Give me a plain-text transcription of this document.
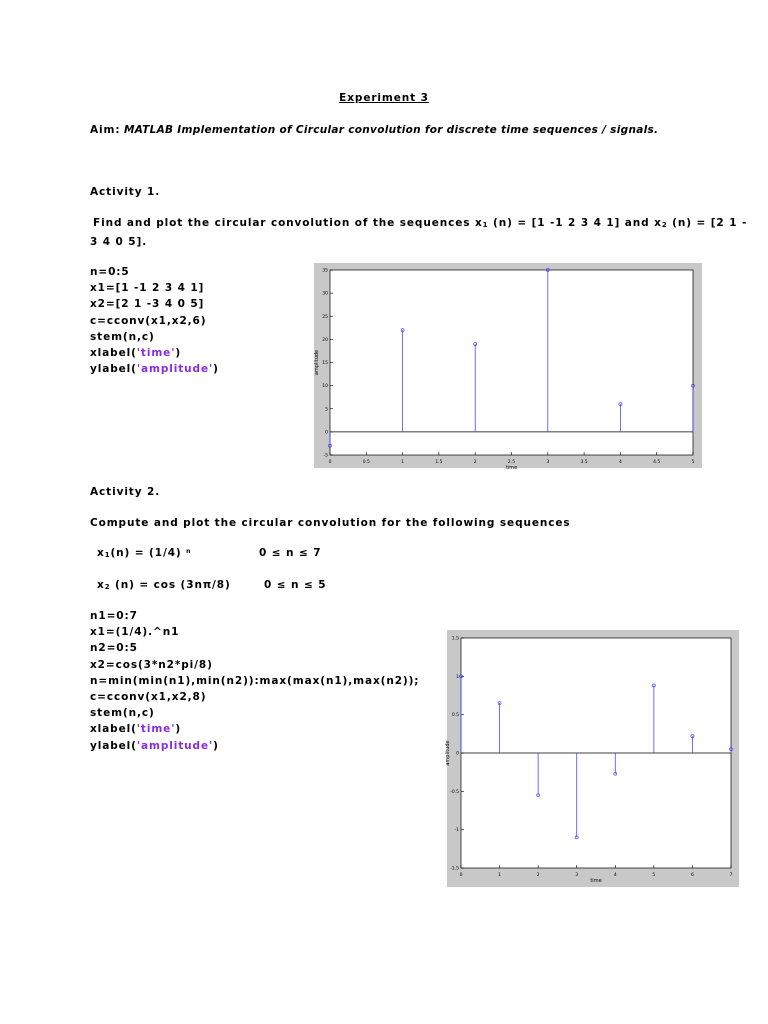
Experiment 3
Aim: MATLAB Implementation of Circular convolution for discrete time sequences / signals.
Activity 1.
Find and plot the circular convolution of the sequences x1 (n) = [1 -1 2 3 4 1] and x2 (n) = [2 1 -
3 4 0 5].
n=0:5
x1=[1 -1 2 3 4 1]
x2=[2 1 -3 4 0 5]
c=cconv(x1,x2,6)
stem(n,c)
xlabel('time')
ylabel('amplitude')
0	0.5	1	1.5	2	2.5	3	3.5	4	4.5	5
-5
0
5
10
15
20
25
30
35
time
amplitude
Activity 2.
Compute and plot the circular convolution for the following sequences
x1(n) = (1/4) $^n$	0 ≤ n ≤ 7
x2 (n) = cos (3nπ/8)	0 ≤ n ≤ 5
n1=0:7
x1=(1/4).^n1
n2=0:5
x2=cos(3*n2*pi/8)
n=min(min(n1),min(n2)):max(max(n1),max(n2));
c=cconv(x1,x2,8)
stem(n,c)
xlabel('time')
ylabel('amplitude')
0	1	2	3	4	5	6	7
-1.5
-1
-0.5
0
0.5
1
1.5
time
amplitude
